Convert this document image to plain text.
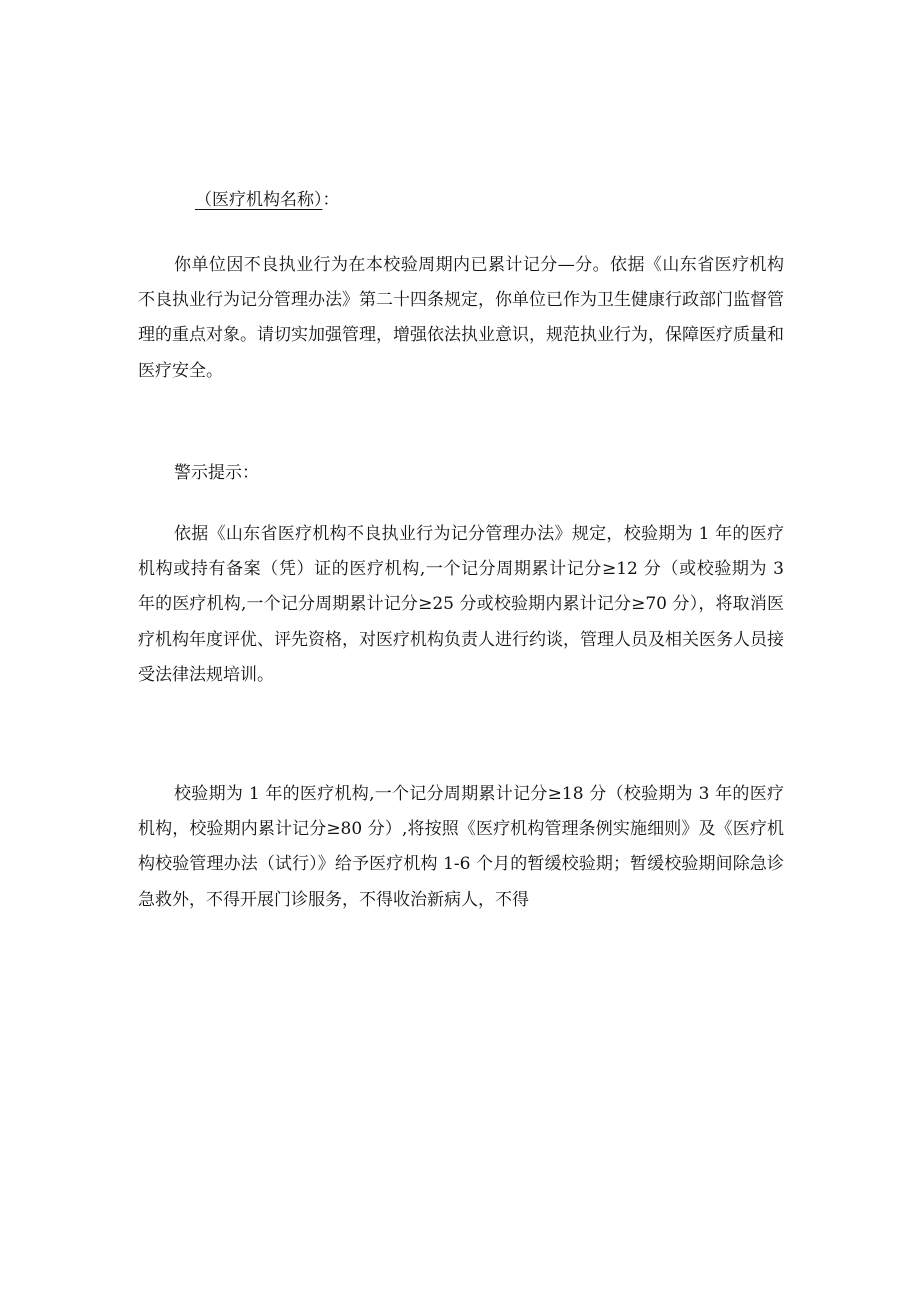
（医疗机构名称）：

你单位因不良执业行为在本校验周期内已累计记分—分。依据《山东省医疗机构不良执业行为记分管理办法》第二十四条规定，你单位已作为卫生健康行政部门监督管理的重点对象。请切实加强管理，增强依法执业意识，规范执业行为，保障医疗质量和医疗安全。

警示提示：

依据《山东省医疗机构不良执业行为记分管理办法》规定，校验期为 1 年的医疗机构或持有备案（凭）证的医疗机构,一个记分周期累计记分≥12 分（或校验期为 3 年的医疗机构,一个记分周期累计记分≥25 分或校验期内累计记分≥70 分），将取消医疗机构年度评优、评先资格，对医疗机构负责人进行约谈，管理人员及相关医务人员接受法律法规培训。

校验期为 1 年的医疗机构,一个记分周期累计记分≥18 分（校验期为 3 年的医疗机构，校验期内累计记分≥80 分）,将按照《医疗机构管理条例实施细则》及《医疗机构校验管理办法（试行）》给予医疗机构 1-6 个月的暂缓校验期；暂缓校验期间除急诊急救外，不得开展门诊服务，不得收治新病人，不得
